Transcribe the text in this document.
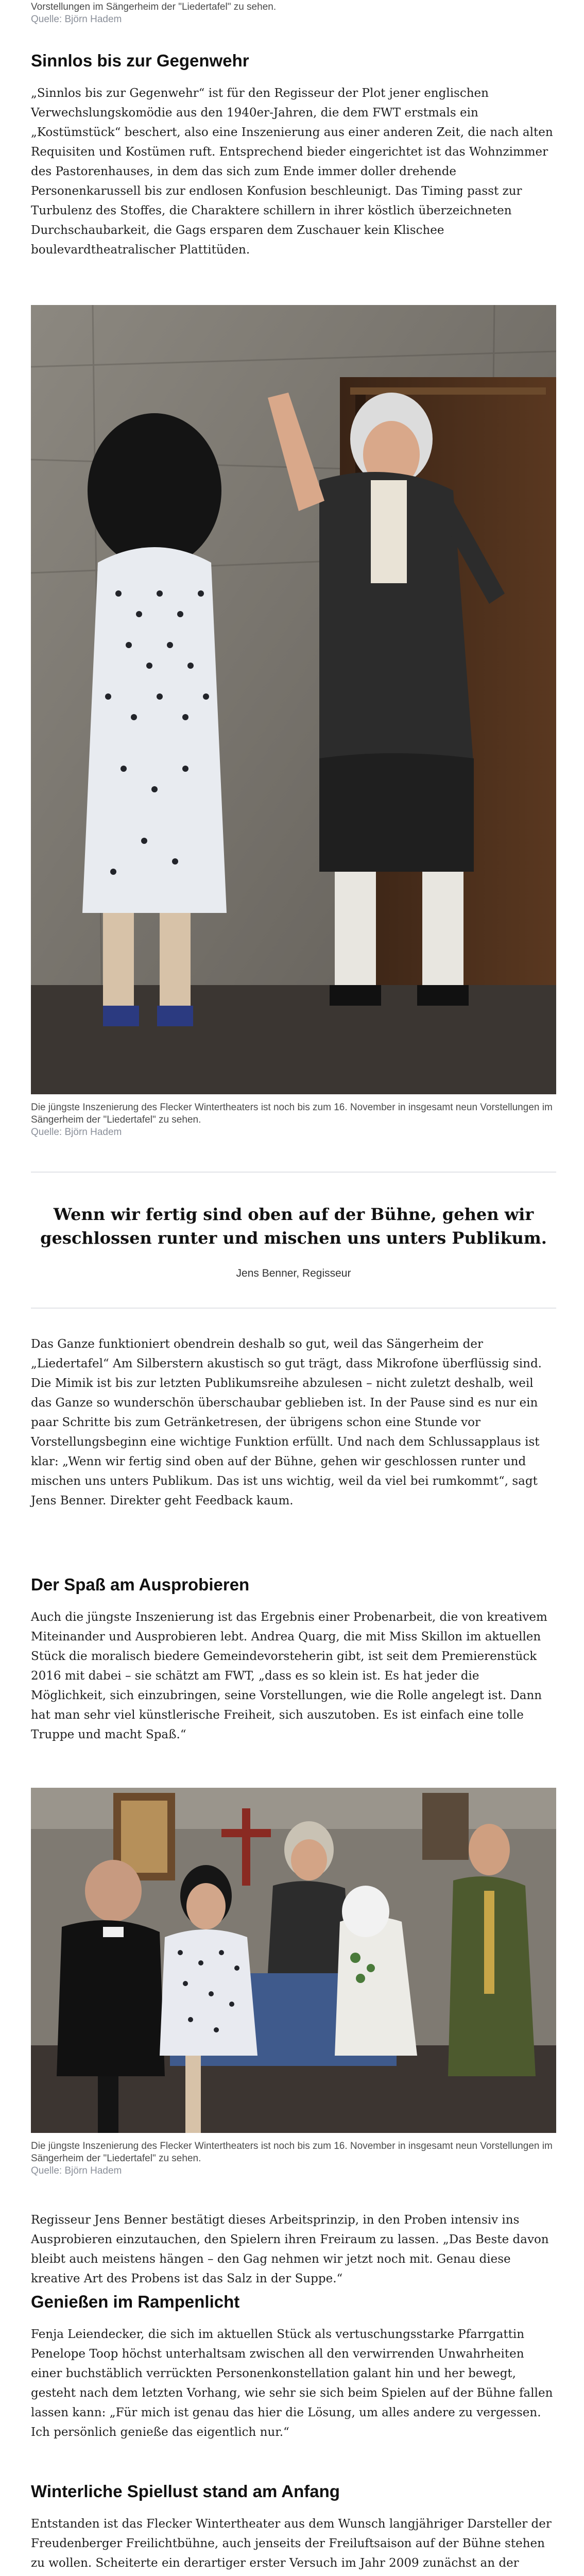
Vorstellungen im Sängerheim der "Liedertafel" zu sehen.
Quelle: Björn Hadem
Sinnlos bis zur Gegenwehr

„Sinnlos bis zur Gegenwehr“ ist für den Regisseur der Plot jener englischen Verwechslungskomödie aus den 1940er-Jahren, die dem FWT erstmals ein „Kostümstück“ beschert, also eine Inszenierung aus einer anderen Zeit, die nach alten Requisiten und Kostümen ruft. Entsprechend bieder eingerichtet ist das Wohnzimmer des Pastorenhauses, in dem das sich zum Ende immer doller drehende Personenkarussell bis zur endlosen Konfusion beschleunigt. Das Timing passt zur Turbulenz des Stoffes, die Charaktere schillern in ihrer köstlich überzeichneten Durchschaubarkeit, die Gags ersparen dem Zuschauer kein Klischee boulevardtheatralischer Plattitüden.

Die jüngste Inszenierung des Flecker Wintertheaters ist noch bis zum 16. November in insgesamt neun Vorstellungen im Sängerheim der "Liedertafel" zu sehen.
Quelle: Björn Hadem
Wenn wir fertig sind oben auf der Bühne, gehen wir geschlossen runter und mischen uns unters Publikum.
Jens Benner, Regisseur

Das Ganze funktioniert obendrein deshalb so gut, weil das Sängerheim der „Liedertafel“ Am Silberstern akustisch so gut trägt, dass Mikrofone überflüssig sind. Die Mimik ist bis zur letzten Publikumsreihe abzulesen – nicht zuletzt deshalb, weil das Ganze so wunderschön überschaubar geblieben ist. In der Pause sind es nur ein paar Schritte bis zum Getränketresen, der übrigens schon eine Stunde vor Vorstellungsbeginn eine wichtige Funktion erfüllt. Und nach dem Schlussapplaus ist klar: „Wenn wir fertig sind oben auf der Bühne, gehen wir geschlossen runter und mischen uns unters Publikum. Das ist uns wichtig, weil da viel bei rumkommt“, sagt Jens Benner. Direkter geht Feedback kaum.

Der Spaß am Ausprobieren

Auch die jüngste Inszenierung ist das Ergebnis einer Probenarbeit, die von kreativem Miteinander und Ausprobieren lebt. Andrea Quarg, die mit Miss Skillon im aktuellen Stück die moralisch biedere Gemeindevorsteherin gibt, ist seit dem Premierenstück 2016 mit dabei – sie schätzt am FWT, „dass es so klein ist. Es hat jeder die Möglichkeit, sich einzubringen, seine Vorstellungen, wie die Rolle angelegt ist. Dann hat man sehr viel künstlerische Freiheit, sich auszutoben. Es ist einfach eine tolle Truppe und macht Spaß.“

Die jüngste Inszenierung des Flecker Wintertheaters ist noch bis zum 16. November in insgesamt neun Vorstellungen im Sängerheim der "Liedertafel" zu sehen.
Quelle: Björn Hadem

Regisseur Jens Benner bestätigt dieses Arbeitsprinzip, in den Proben intensiv ins Ausprobieren einzutauchen, den Spielern ihren Freiraum zu lassen. „Das Beste davon bleibt auch meistens hängen – den Gag nehmen wir jetzt noch mit. Genau diese kreative Art des Probens ist das Salz in der Suppe.“

Genießen im Rampenlicht

Fenja Leiendecker, die sich im aktuellen Stück als vertuschungsstarke Pfarrgattin Penelope Toop höchst unterhaltsam zwischen all den verwirrenden Unwahrheiten einer buchstäblich verrückten Personenkonstellation galant hin und her bewegt, gesteht nach dem letzten Vorhang, wie sehr sie sich beim Spielen auf der Bühne fallen lassen kann: „Für mich ist genau das hier die Lösung, um alles andere zu vergessen. Ich persönlich genieße das eigentlich nur.“

Winterliche Spiellust stand am Anfang

Entstanden ist das Flecker Wintertheater aus dem Wunsch langjähriger Darsteller der Freudenberger Freilichtbühne, auch jenseits der Freiluftsaison auf der Bühne stehen zu wollen. Scheiterte ein derartiger erster Versuch im Jahr 2009 zunächst an der
